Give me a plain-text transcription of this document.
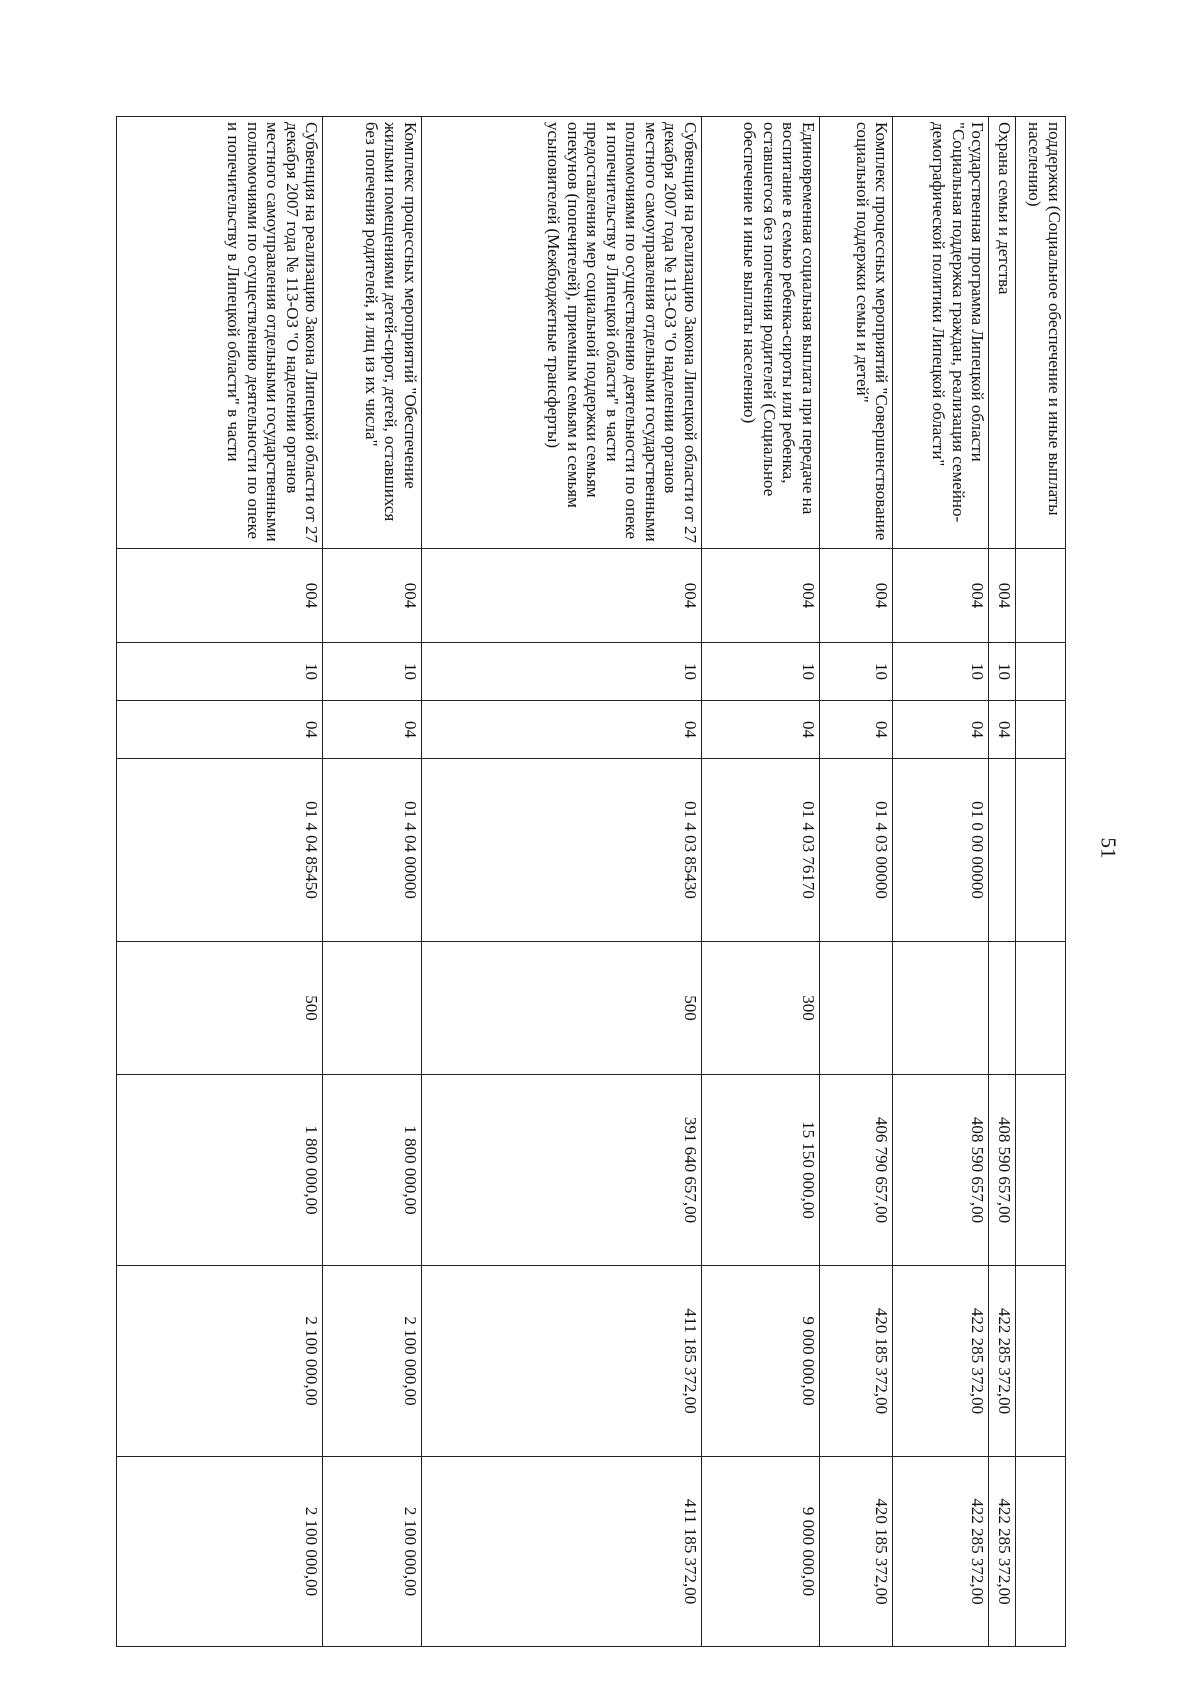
51
поддержки (Социальное обеспечение и иные выплаты населению)								
Охрана семьи и детства	004	10	04			408 590 657,00	422 285 372,00	422 285 372,00
Государственная программа Липецкой области "Социальная поддержка граждан, реализация семейно-демографической политики Липецкой области"	004	10	04	01 0 00 00000		408 590 657,00	422 285 372,00	422 285 372,00
Комплекс процессных мероприятий "Совершенствование социальной поддержки семьи и детей"	004	10	04	01 4 03 00000		406 790 657,00	420 185 372,00	420 185 372,00
Единовременная социальная выплата при передаче на воспитание в семью ребенка-сироты или ребенка, оставшегося без попечения родителей (Социальное обеспечение и иные выплаты населению)	004	10	04	01 4 03 76170	300	15 150 000,00	9 000 000,00	9 000 000,00
Субвенция на реализацию Закона Липецкой области от 27 декабря 2007 года № 113-ОЗ "О наделении органов местного самоуправления отдельными государственными полномочиями по осуществлению деятельности по опеке и попечительству в Липецкой области" в части предоставления мер социальной поддержки семьям опекунов (попечителей), приемным семьям и семьям усыновителей (Межбюджетные трансферты)	004	10	04	01 4 03 85430	500	391 640 657,00	411 185 372,00	411 185 372,00
Комплекс процессных мероприятий "Обеспечение жилыми помещениями детей-сирот, детей, оставшихся без попечения родителей, и лиц из их числа"	004	10	04	01 4 04 00000		1 800 000,00	2 100 000,00	2 100 000,00
Субвенция на реализацию Закона Липецкой области от 27 декабря 2007 года № 113-ОЗ "О наделении органов местного самоуправления отдельными государственными полномочиями по осуществлению деятельности по опеке и попечительству в Липецкой области" в части	004	10	04	01 4 04 85450	500	1 800 000,00	2 100 000,00	2 100 000,00
